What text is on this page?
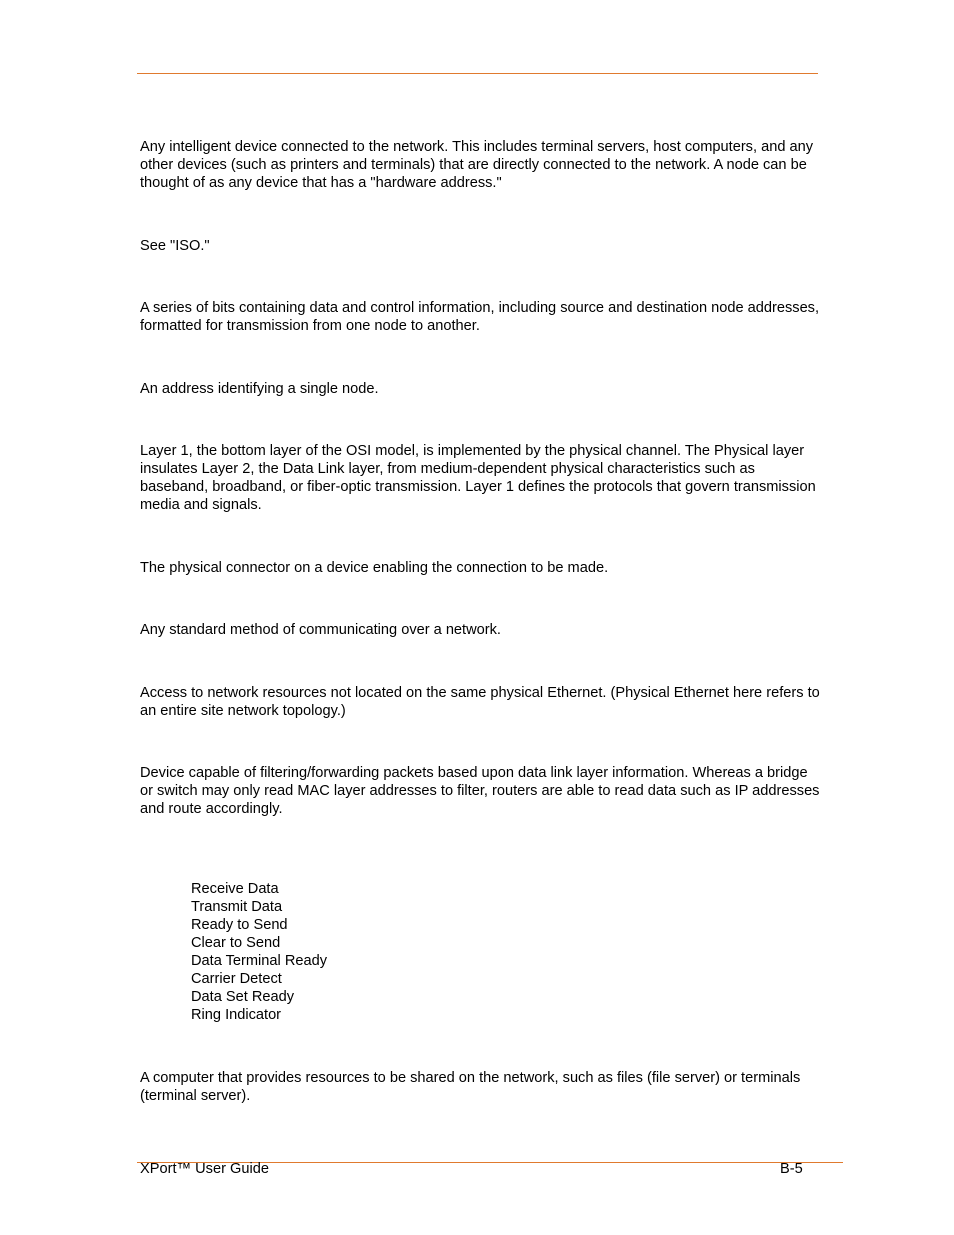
Any intelligent device connected to the network. This includes terminal servers, host computers, and any other devices (such as printers and terminals) that are directly connected to the network. A node can be thought of as any device that has a "hardware address."

See "ISO."

A series of bits containing data and control information, including source and destination node addresses, formatted for transmission from one node to another.

An address identifying a single node.

Layer 1, the bottom layer of the OSI model, is implemented by the physical channel. The Physical layer insulates Layer 2, the Data Link layer, from medium-dependent physical characteristics such as baseband, broadband, or fiber-optic transmission. Layer 1 defines the protocols that govern transmission media and signals.

The physical connector on a device enabling the connection to be made.

Any standard method of communicating over a network.

Access to network resources not located on the same physical Ethernet. (Physical Ethernet here refers to an entire site network topology.)

Device capable of filtering/forwarding packets based upon data link layer information. Whereas a bridge or switch may only read MAC layer addresses to filter, routers are able to read data such as IP addresses and route accordingly.

Receive Data
Transmit Data
Ready to Send
Clear to Send
Data Terminal Ready
Carrier Detect
Data Set Ready
Ring Indicator

A computer that provides resources to be shared on the network, such as files (file server) or terminals (terminal server).

XPort™ User Guide	B-5
